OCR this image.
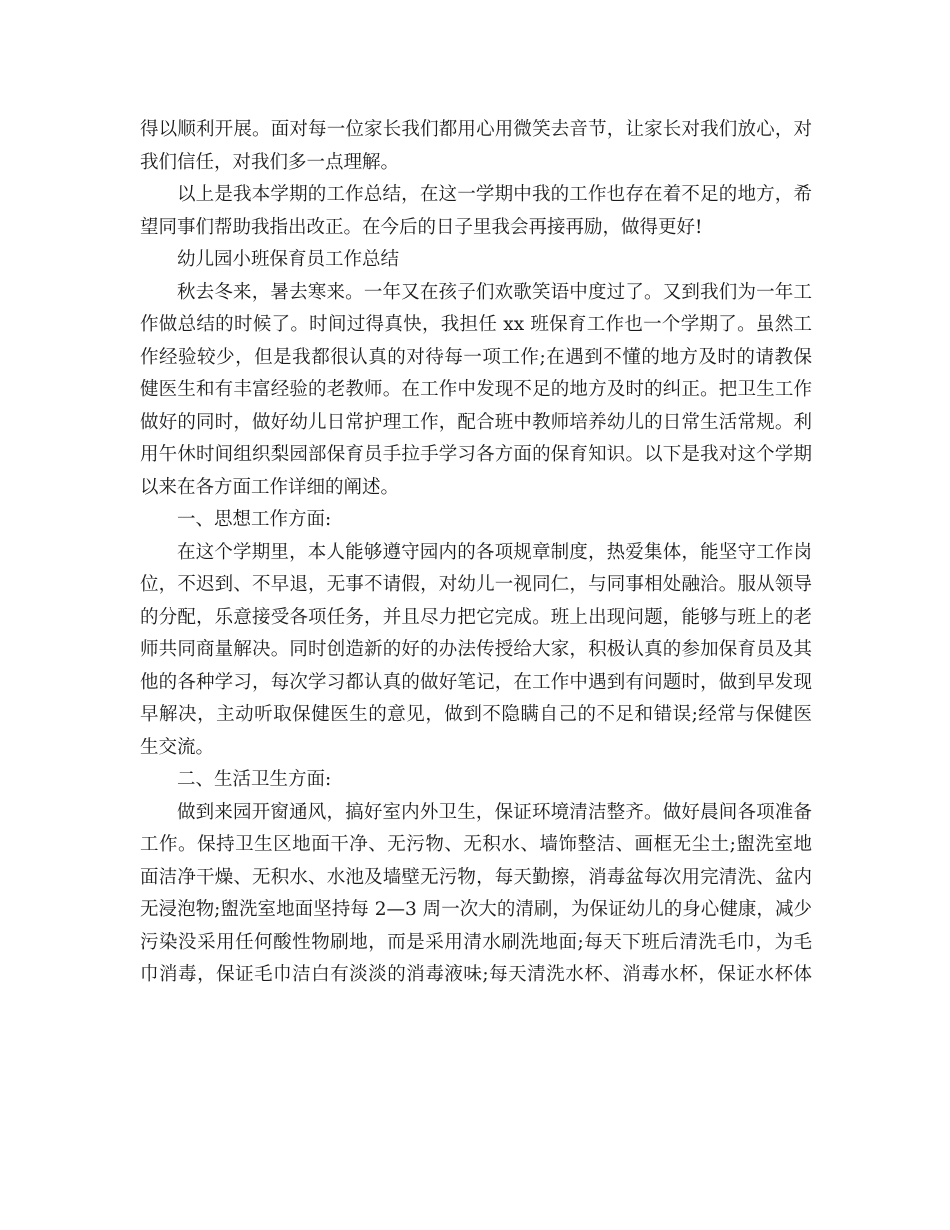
得以顺利开展。面对每一位家长我们都用心用微笑去音节，让家长对我们放心，对
我们信任，对我们多一点理解。
以上是我本学期的工作总结，在这一学期中我的工作也存在着不足的地方，希
望同事们帮助我指出改正。在今后的日子里我会再接再励，做得更好!
幼儿园小班保育员工作总结
秋去冬来，暑去寒来。一年又在孩子们欢歌笑语中度过了。又到我们为一年工
作做总结的时候了。时间过得真快，我担任 xx 班保育工作也一个学期了。虽然工
作经验较少，但是我都很认真的对待每一项工作;在遇到不懂的地方及时的请教保
健医生和有丰富经验的老教师。在工作中发现不足的地方及时的纠正。把卫生工作
做好的同时，做好幼儿日常护理工作，配合班中教师培养幼儿的日常生活常规。利
用午休时间组织梨园部保育员手拉手学习各方面的保育知识。以下是我对这个学期
以来在各方面工作详细的阐述。
一、思想工作方面:
在这个学期里，本人能够遵守园内的各项规章制度，热爱集体，能坚守工作岗
位，不迟到、不早退，无事不请假，对幼儿一视同仁，与同事相处融洽。服从领导
的分配，乐意接受各项任务，并且尽力把它完成。班上出现问题，能够与班上的老
师共同商量解决。同时创造新的好的办法传授给大家，积极认真的参加保育员及其
他的各种学习，每次学习都认真的做好笔记，在工作中遇到有问题时，做到早发现
早解决，主动听取保健医生的意见，做到不隐瞒自己的不足和错误;经常与保健医
生交流。
二、生活卫生方面:
做到来园开窗通风，搞好室内外卫生，保证环境清洁整齐。做好晨间各项准备
工作。保持卫生区地面干净、无污物、无积水、墙饰整洁、画框无尘土;盥洗室地
面洁净干燥、无积水、水池及墙壁无污物，每天勤擦，消毒盆每次用完清洗、盆内
无浸泡物;盥洗室地面坚持每 2—3 周一次大的清刷，为保证幼儿的身心健康，减少
污染没采用任何酸性物刷地，而是采用清水刷洗地面;每天下班后清洗毛巾，为毛
巾消毒，保证毛巾洁白有淡淡的消毒液味;每天清洗水杯、消毒水杯，保证水杯体
